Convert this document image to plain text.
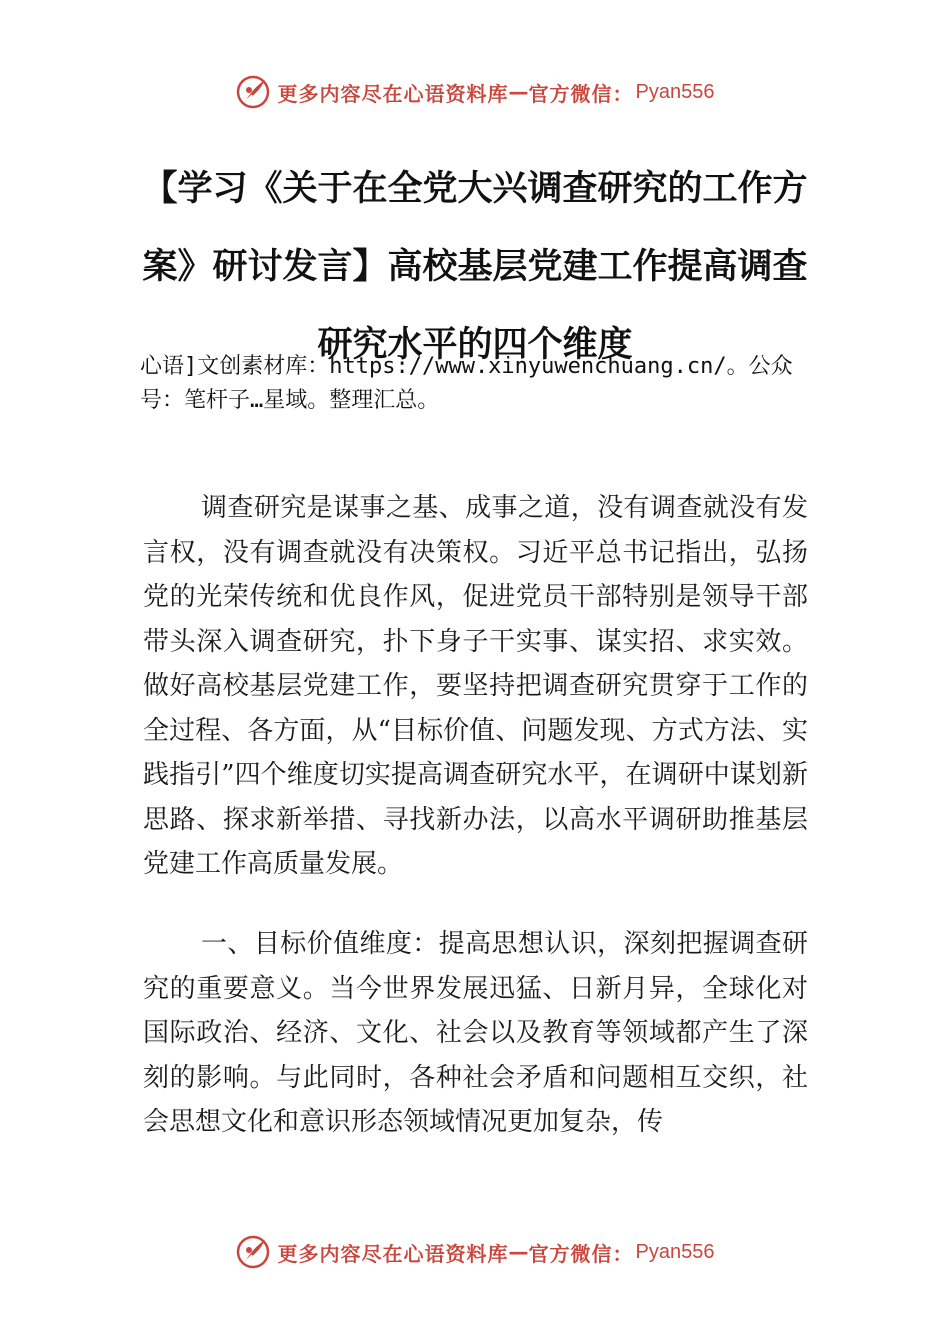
更多内容尽在心语资料库 — 官方微信： Pyan556
【学习《关于在全党大兴调查研究的工作方案》研讨发言】高校基层党建工作提高调查研究水平的四个维度

心语]文创素材库：https://www.xinyuwenchuang.cn/。公众号：笔杆子…星域。整理汇总。

调查研究是谋事之基、成事之道，没有调查就没有发言权，没有调查就没有决策权。习近平总书记指出，弘扬党的光荣传统和优良作风，促进党员干部特别是领导干部带头深入调查研究，扑下身子干实事、谋实招、求实效。做好高校基层党建工作，要坚持把调查研究贯穿于工作的全过程、各方面，从“目标价值、问题发现、方式方法、实践指引”四个维度切实提高调查研究水平，在调研中谋划新思路、探求新举措、寻找新办法，以高水平调研助推基层党建工作高质量发展。

一、目标价值维度：提高思想认识，深刻把握调查研究的重要意义。当今世界发展迅猛、日新月异，全球化对国际政治、经济、文化、社会以及教育等领域都产生了深刻的影响。与此同时，各种社会矛盾和问题相互交织，社会思想文化和意识形态领域情况更加复杂，传

更多内容尽在心语资料库 — 官方微信： Pyan556
